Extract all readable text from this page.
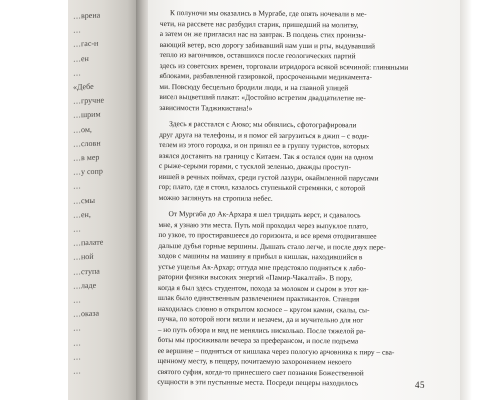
…вренa
…
…гас-н
…ен
…
«Дебе
…гручне
…шрим
…ом,
…словн
…в мер
…у сопр
…
…смы
…ен,
…
…палате
…ной
…ступа
…ладе
…
…оказа
…
…
…
…
К полуночи мы оказались в Мургабе, где опять ночевали в ме-
чети, на рассвете нас разбудил старик, пришедший на молитву,
а затем он же пригласил нас на завтрак. В полдень стих пронизы-
вающий ветер, всю дорогу забивавший нам уши и рты, выдувавший
тепло из вагончиков, оставшихся после геологических партий
здесь из советских времен, торговали втридорога всякой всячиной: глиняными
яблоками, разбавленной газировкой, просроченными медикамента-
ми. Повсюду бесцельно бродили люди, и на главной улицей
висел выцветший плакат: «Достойно встретим двадцатилетие не-
зависимости Таджикистана!»
Здесь я расстался с Аюко; мы обнялись, сфотографировали
друг друга на телефоны, и я помог ей загрузиться в джип – с води-
телем из этого городка, и он принял ее в группу туристов, которых
взялся доставить на границу с Китаем. Так я остался один на одном
с рыже-серыми горами, с тусклой зеленью, дважды проступ-
ившей в речных поймах, среди густой лазури, окаймленной парусами
гор; плато, где я стоял, казалось ступенькой стремянки, с которой
можно заглянуть на стропила небес.
От Мургаба до Ак-Архара я шел тридцать верст, и сдавалось
мне, я узнаю эти места. Путь мой проходил через выпуклое плато,
по узкое, то простиравшееся до горизонта, и все время отодвигавшее
дальше дубья горные вершины. Дышать стало легче, и после двух пере-
ходов с машины на машину я прибыл в кишлак, находившийся в
устье ущелья Ак-Архар; оттуда мне предстояло подняться к лабо-
ратории физики высоких энергий «Памир-Чакалтай». В пору,
когда я был здесь студентом, похода за молоком и сыром в этот ки-
шлак было единственным развлечением практикантов. Станция
находилась словно в открытом космосе – кругом камни, скалы, сы-
пучка, по которой ноги вязли и незачем, да и мучительно для ног
– но путь обзора и вид не менялись нисколько. После тяжелой ра-
боты мы просиживали вечера за преферансом, и после подъема
ее вершине – подняться от кишлака через пологую арчовника к пиру – сва-
щенному месту, в пещеру, почитаемую захоронением некоего
святого суфия, когда-то принесшего свет познания Божественной
сущности в эти пустынные места. Посреди пещеры находилось	45
